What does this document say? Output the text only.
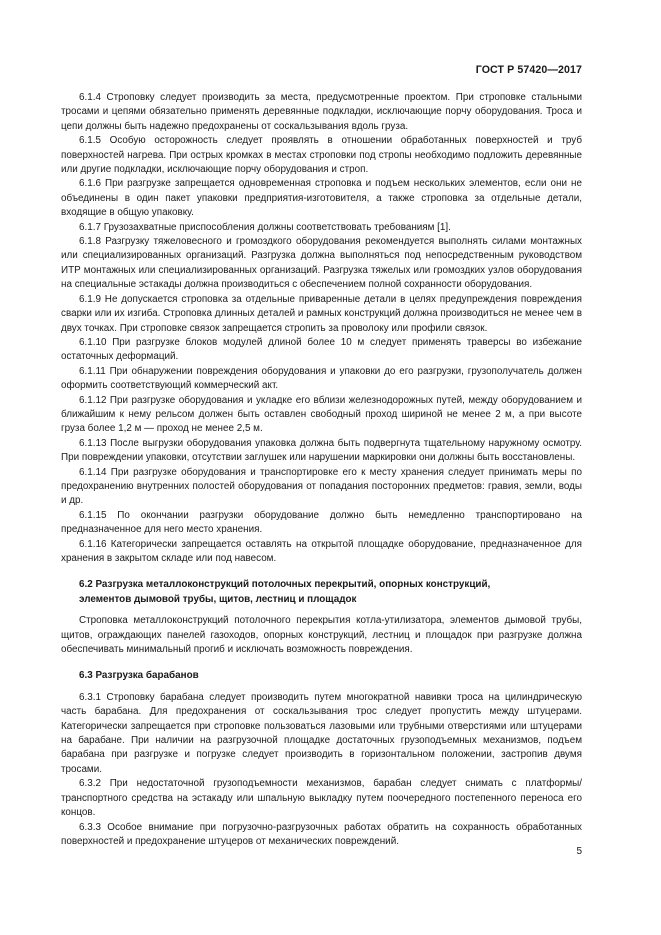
ГОСТ Р 57420—2017

6.1.4 Строповку следует производить за места, предусмотренные проектом. При строповке стальными тросами и цепями обязательно применять деревянные подкладки, исключающие порчу оборудования. Троса и цепи должны быть надежно предохранены от соскальзывания вдоль груза.

6.1.5 Особую осторожность следует проявлять в отношении обработанных поверхностей и труб поверхностей нагрева. При острых кромках в местах строповки под стропы необходимо подложить деревянные или другие подкладки, исключающие порчу оборудования и строп.

6.1.6 При разгрузке запрещается одновременная строповка и подъем нескольких элементов, если они не объединены в один пакет упаковки предприятия-изготовителя, а также строповка за отдельные детали, входящие в общую упаковку.

6.1.7 Грузозахватные приспособления должны соответствовать требованиям [1].

6.1.8 Разгрузку тяжеловесного и громоздкого оборудования рекомендуется выполнять силами монтажных или специализированных организаций. Разгрузка должна выполняться под непосредственным руководством ИТР монтажных или специализированных организаций. Разгрузка тяжелых или громоздких узлов оборудования на специальные эстакады должна производиться с обеспечением полной сохранности оборудования.

6.1.9 Не допускается строповка за отдельные приваренные детали в целях предупреждения повреждения сварки или их изгиба. Строповка длинных деталей и рамных конструкций должна производиться не менее чем в двух точках. При строповке связок запрещается стропить за проволоку или профили связок.

6.1.10 При разгрузке блоков модулей длиной более 10 м следует применять траверсы во избежание остаточных деформаций.

6.1.11 При обнаружении повреждения оборудования и упаковки до его разгрузки, грузополучатель должен оформить соответствующий коммерческий акт.

6.1.12 При разгрузке оборудования и укладке его вблизи железнодорожных путей, между оборудованием и ближайшим к нему рельсом должен быть оставлен свободный проход шириной не менее 2 м, а при высоте груза более 1,2 м — проход не менее 2,5 м.

6.1.13 После выгрузки оборудования упаковка должна быть подвергнута тщательному наружному осмотру. При повреждении упаковки, отсутствии заглушек или нарушении маркировки они должны быть восстановлены.

6.1.14 При разгрузке оборудования и транспортировке его к месту хранения следует принимать меры по предохранению внутренних полостей оборудования от попадания посторонних предметов: гравия, земли, воды и др.

6.1.15 По окончании разгрузки оборудование должно быть немедленно транспортировано на предназначенное для него место хранения.

6.1.16 Категорически запрещается оставлять на открытой площадке оборудование, предназначенное для хранения в закрытом складе или под навесом.

6.2 Разгрузка металлоконструкций потолочных перекрытий, опорных конструкций,
элементов дымовой трубы, щитов, лестниц и площадок

Строповка металлоконструкций потолочного перекрытия котла-утилизатора, элементов дымовой трубы, щитов, ограждающих панелей газоходов, опорных конструкций, лестниц и площадок при разгрузке должна обеспечивать минимальный прогиб и исключать возможность повреждения.

6.3 Разгрузка барабанов

6.3.1 Строповку барабана следует производить путем многократной навивки троса на цилиндрическую часть барабана. Для предохранения от соскальзывания трос следует пропустить между штуцерами. Категорически запрещается при строповке пользоваться лазовыми или трубными отверстиями или штуцерами на барабане. При наличии на разгрузочной площадке достаточных грузоподъемных механизмов, подъем барабана при разгрузке и погрузке следует производить в горизонтальном положении, застропив двумя тросами.

6.3.2 При недостаточной грузоподъемности механизмов, барабан следует снимать с платформы/ транспортного средства на эстакаду или шпальную выкладку путем поочередного постепенного переноса его концов.

6.3.3 Особое внимание при погрузочно-разгрузочных работах обратить на сохранность обработанных поверхностей и предохранение штуцеров от механических повреждений.

5
